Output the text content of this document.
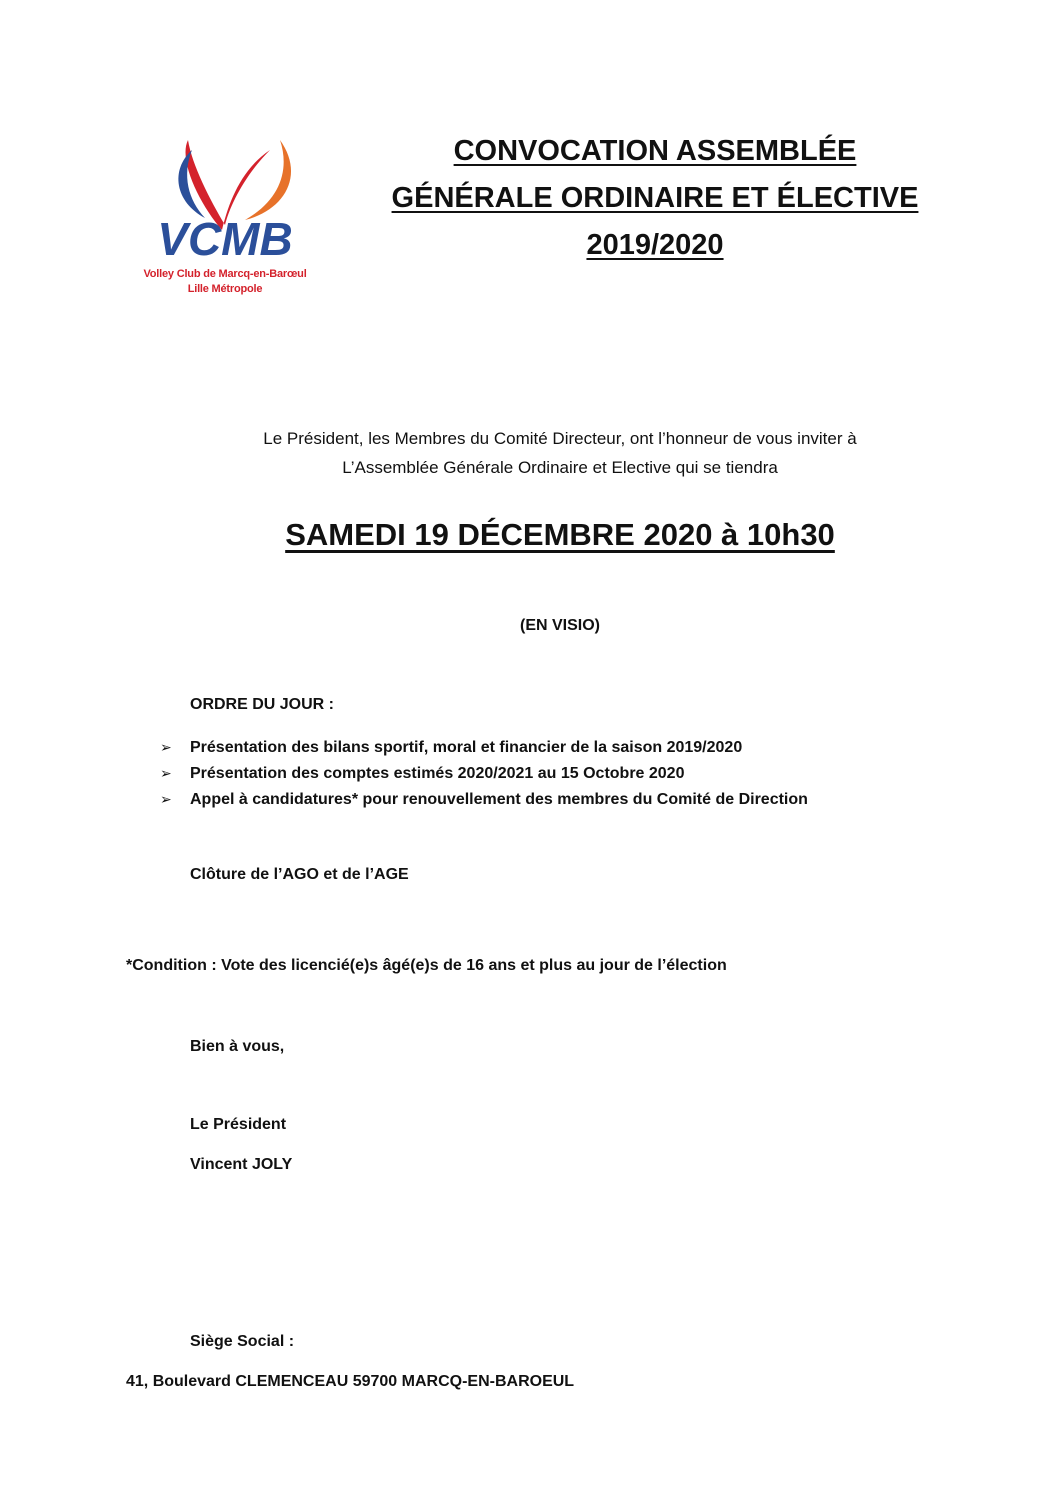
VCMB
Volley Club de Marcq-en-Barœul
Lille Métropole
CONVOCATION ASSEMBLÉE
GÉNÉRALE ORDINAIRE ET ÉLECTIVE
2019/2020
Le Président, les Membres du Comité Directeur, ont l’honneur de vous inviter à
L’Assemblée Générale Ordinaire et Elective qui se tiendra
SAMEDI 19 DÉCEMBRE 2020 à 10h30
(EN VISIO)
ORDRE DU JOUR :
➢ Présentation des bilans sportif, moral et financier de la saison 2019/2020
➢ Présentation des comptes estimés 2020/2021 au 15 Octobre 2020
➢ Appel à candidatures* pour renouvellement des membres du Comité de Direction
Clôture de l’AGO et de l’AGE
*Condition : Vote des licencié(e)s âgé(e)s de 16 ans et plus au jour de l’élection
Bien à vous,
Le Président
Vincent JOLY
Siège Social :
41, Boulevard CLEMENCEAU 59700 MARCQ-EN-BAROEUL
